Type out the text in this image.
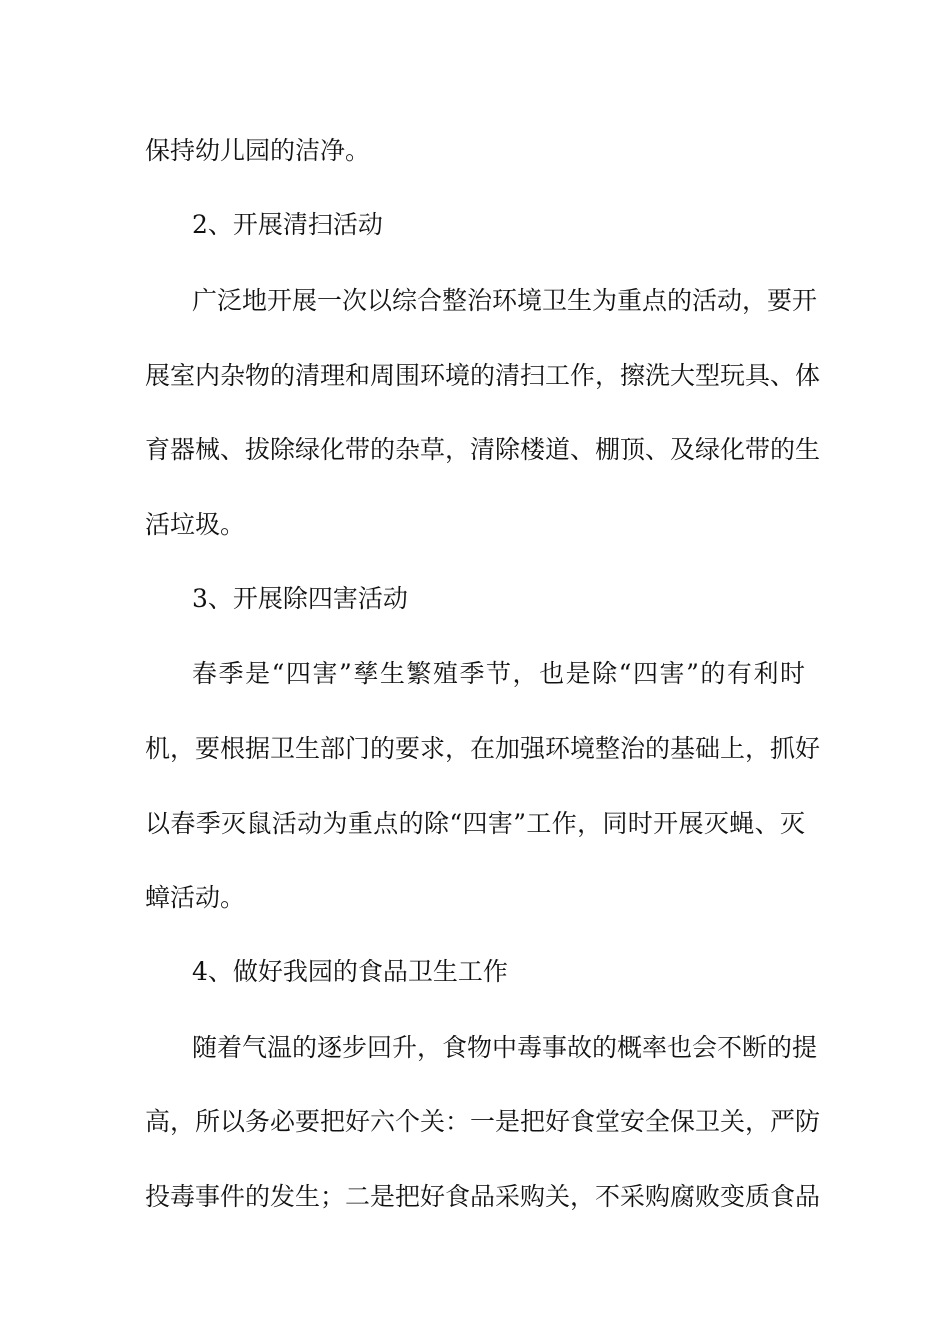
保持幼儿园的洁净。
2、开展清扫活动
广泛地开展一次以综合整治环境卫生为重点的活动，要开
展室内杂物的清理和周围环境的清扫工作，擦洗大型玩具、体
育器械、拔除绿化带的杂草，清除楼道、棚顶、及绿化带的生
活垃圾。
3、开展除四害活动
春季是“四害”孳生繁殖季节，也是除“四害”的有利时
机，要根据卫生部门的要求，在加强环境整治的基础上，抓好
以春季灭鼠活动为重点的除“四害”工作，同时开展灭蝇、灭
蟑活动。
4、做好我园的食品卫生工作
随着气温的逐步回升，食物中毒事故的概率也会不断的提
高，所以务必要把好六个关：一是把好食堂安全保卫关，严防
投毒事件的发生；二是把好食品采购关，不采购腐败变质食品
